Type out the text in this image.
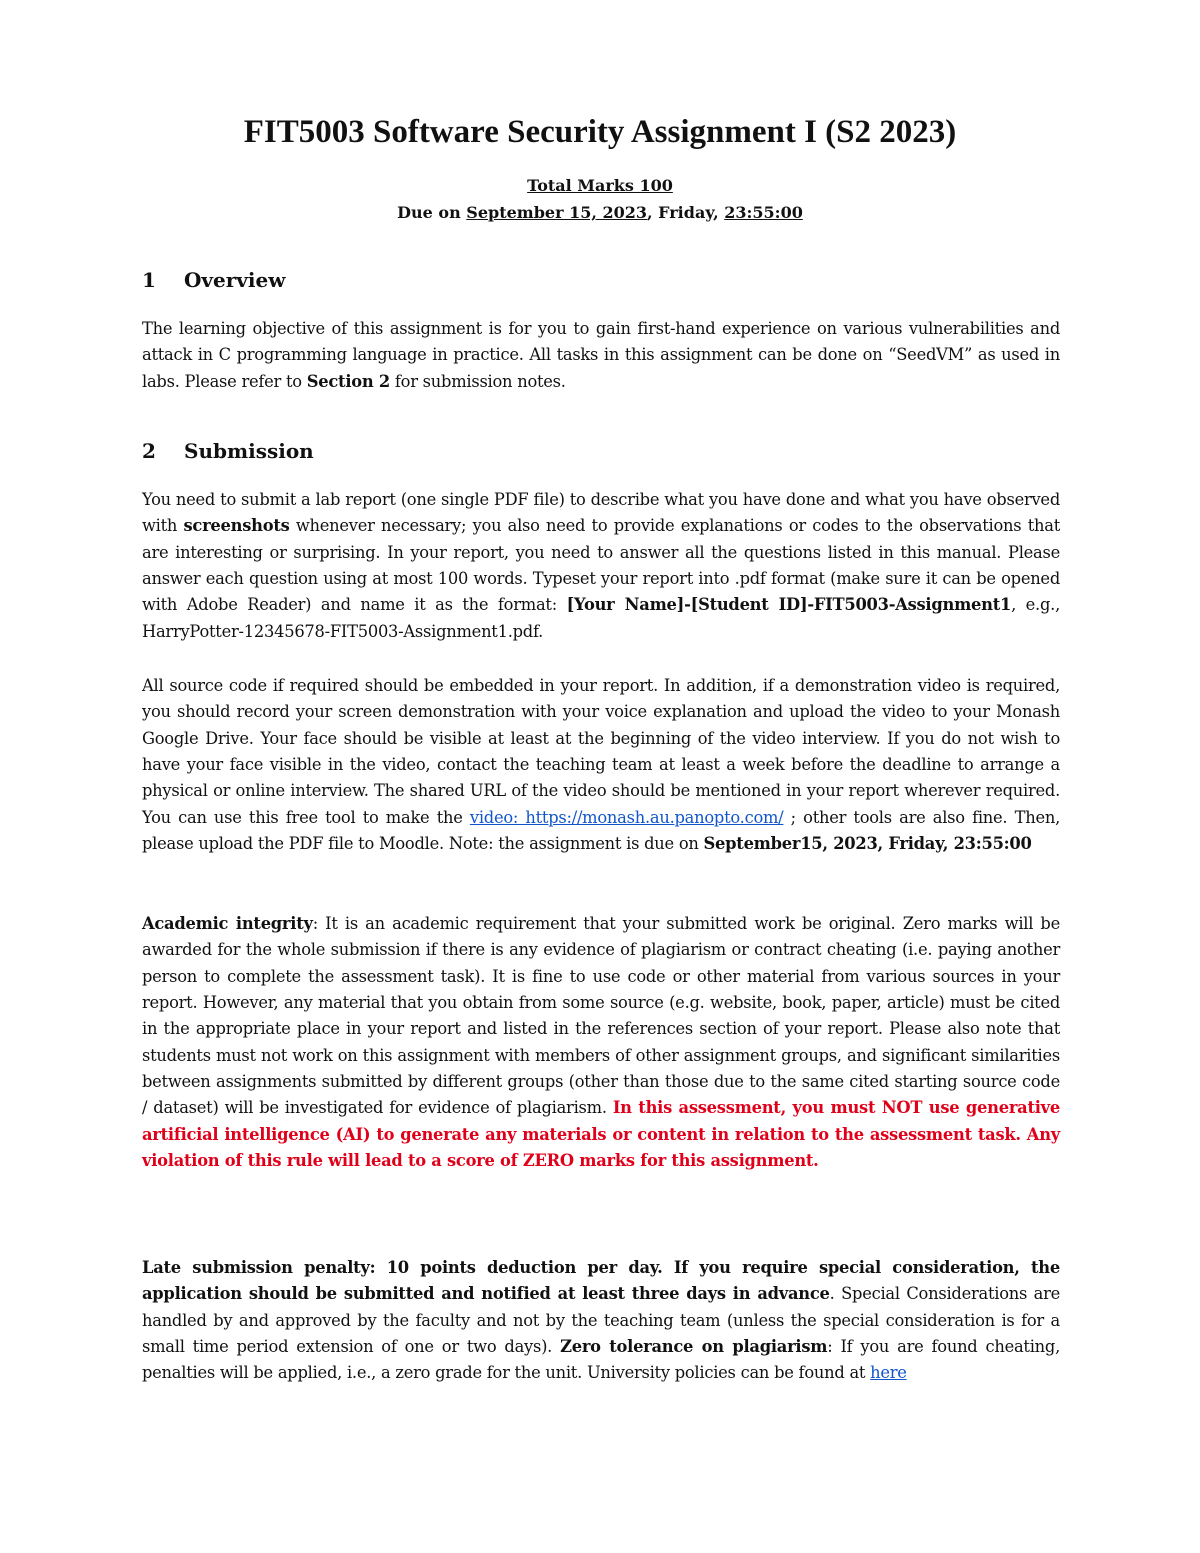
FIT5003 Software Security Assignment I (S2 2023)
Total Marks 100
Due on September 15, 2023, Friday, 23:55:00
1 Overview

The learning objective of this assignment is for you to gain first-hand experience on various vulnerabilities and attack in C programming language in practice. All tasks in this assignment can be done on “SeedVM” as used in labs. Please refer to Section 2 for submission notes.

2 Submission

You need to submit a lab report (one single PDF file) to describe what you have done and what you have observed with screenshots whenever necessary; you also need to provide explanations or codes to the observations that are interesting or surprising. In your report, you need to answer all the questions listed in this manual. Please answer each question using at most 100 words. Typeset your report into .pdf format (make sure it can be opened with Adobe Reader) and name it as the format: [Your Name]-[Student ID]-FIT5003-Assignment1, e.g., HarryPotter-12345678-FIT5003-Assignment1.pdf.

All source code if required should be embedded in your report. In addition, if a demonstration video is required, you should record your screen demonstration with your voice explanation and upload the video to your Monash Google Drive. Your face should be visible at least at the beginning of the video interview. If you do not wish to have your face visible in the video, contact the teaching team at least a week before the deadline to arrange a physical or online interview. The shared URL of the video should be mentioned in your report wherever required. You can use this free tool to make the video: https://monash.au.panopto.com/ ; other tools are also fine. Then, please upload the PDF file to Moodle. Note: the assignment is due on September15, 2023, Friday, 23:55:00

Academic integrity: It is an academic requirement that your submitted work be original. Zero marks will be awarded for the whole submission if there is any evidence of plagiarism or contract cheating (i.e. paying another person to complete the assessment task). It is fine to use code or other material from various sources in your report. However, any material that you obtain from some source (e.g. website, book, paper, article) must be cited in the appropriate place in your report and listed in the references section of your report. Please also note that students must not work on this assignment with members of other assignment groups, and significant similarities between assignments submitted by different groups (other than those due to the same cited starting source code / dataset) will be investigated for evidence of plagiarism. In this assessment, you must NOT use generative artificial intelligence (AI) to generate any materials or content in relation to the assessment task. Any violation of this rule will lead to a score of ZERO marks for this assignment.

Late submission penalty: 10 points deduction per day. If you require special consideration, the application should be submitted and notified at least three days in advance. Special Considerations are handled by and approved by the faculty and not by the teaching team (unless the special consideration is for a small time period extension of one or two days). Zero tolerance on plagiarism: If you are found cheating, penalties will be applied, i.e., a zero grade for the unit. University policies can be found at here
